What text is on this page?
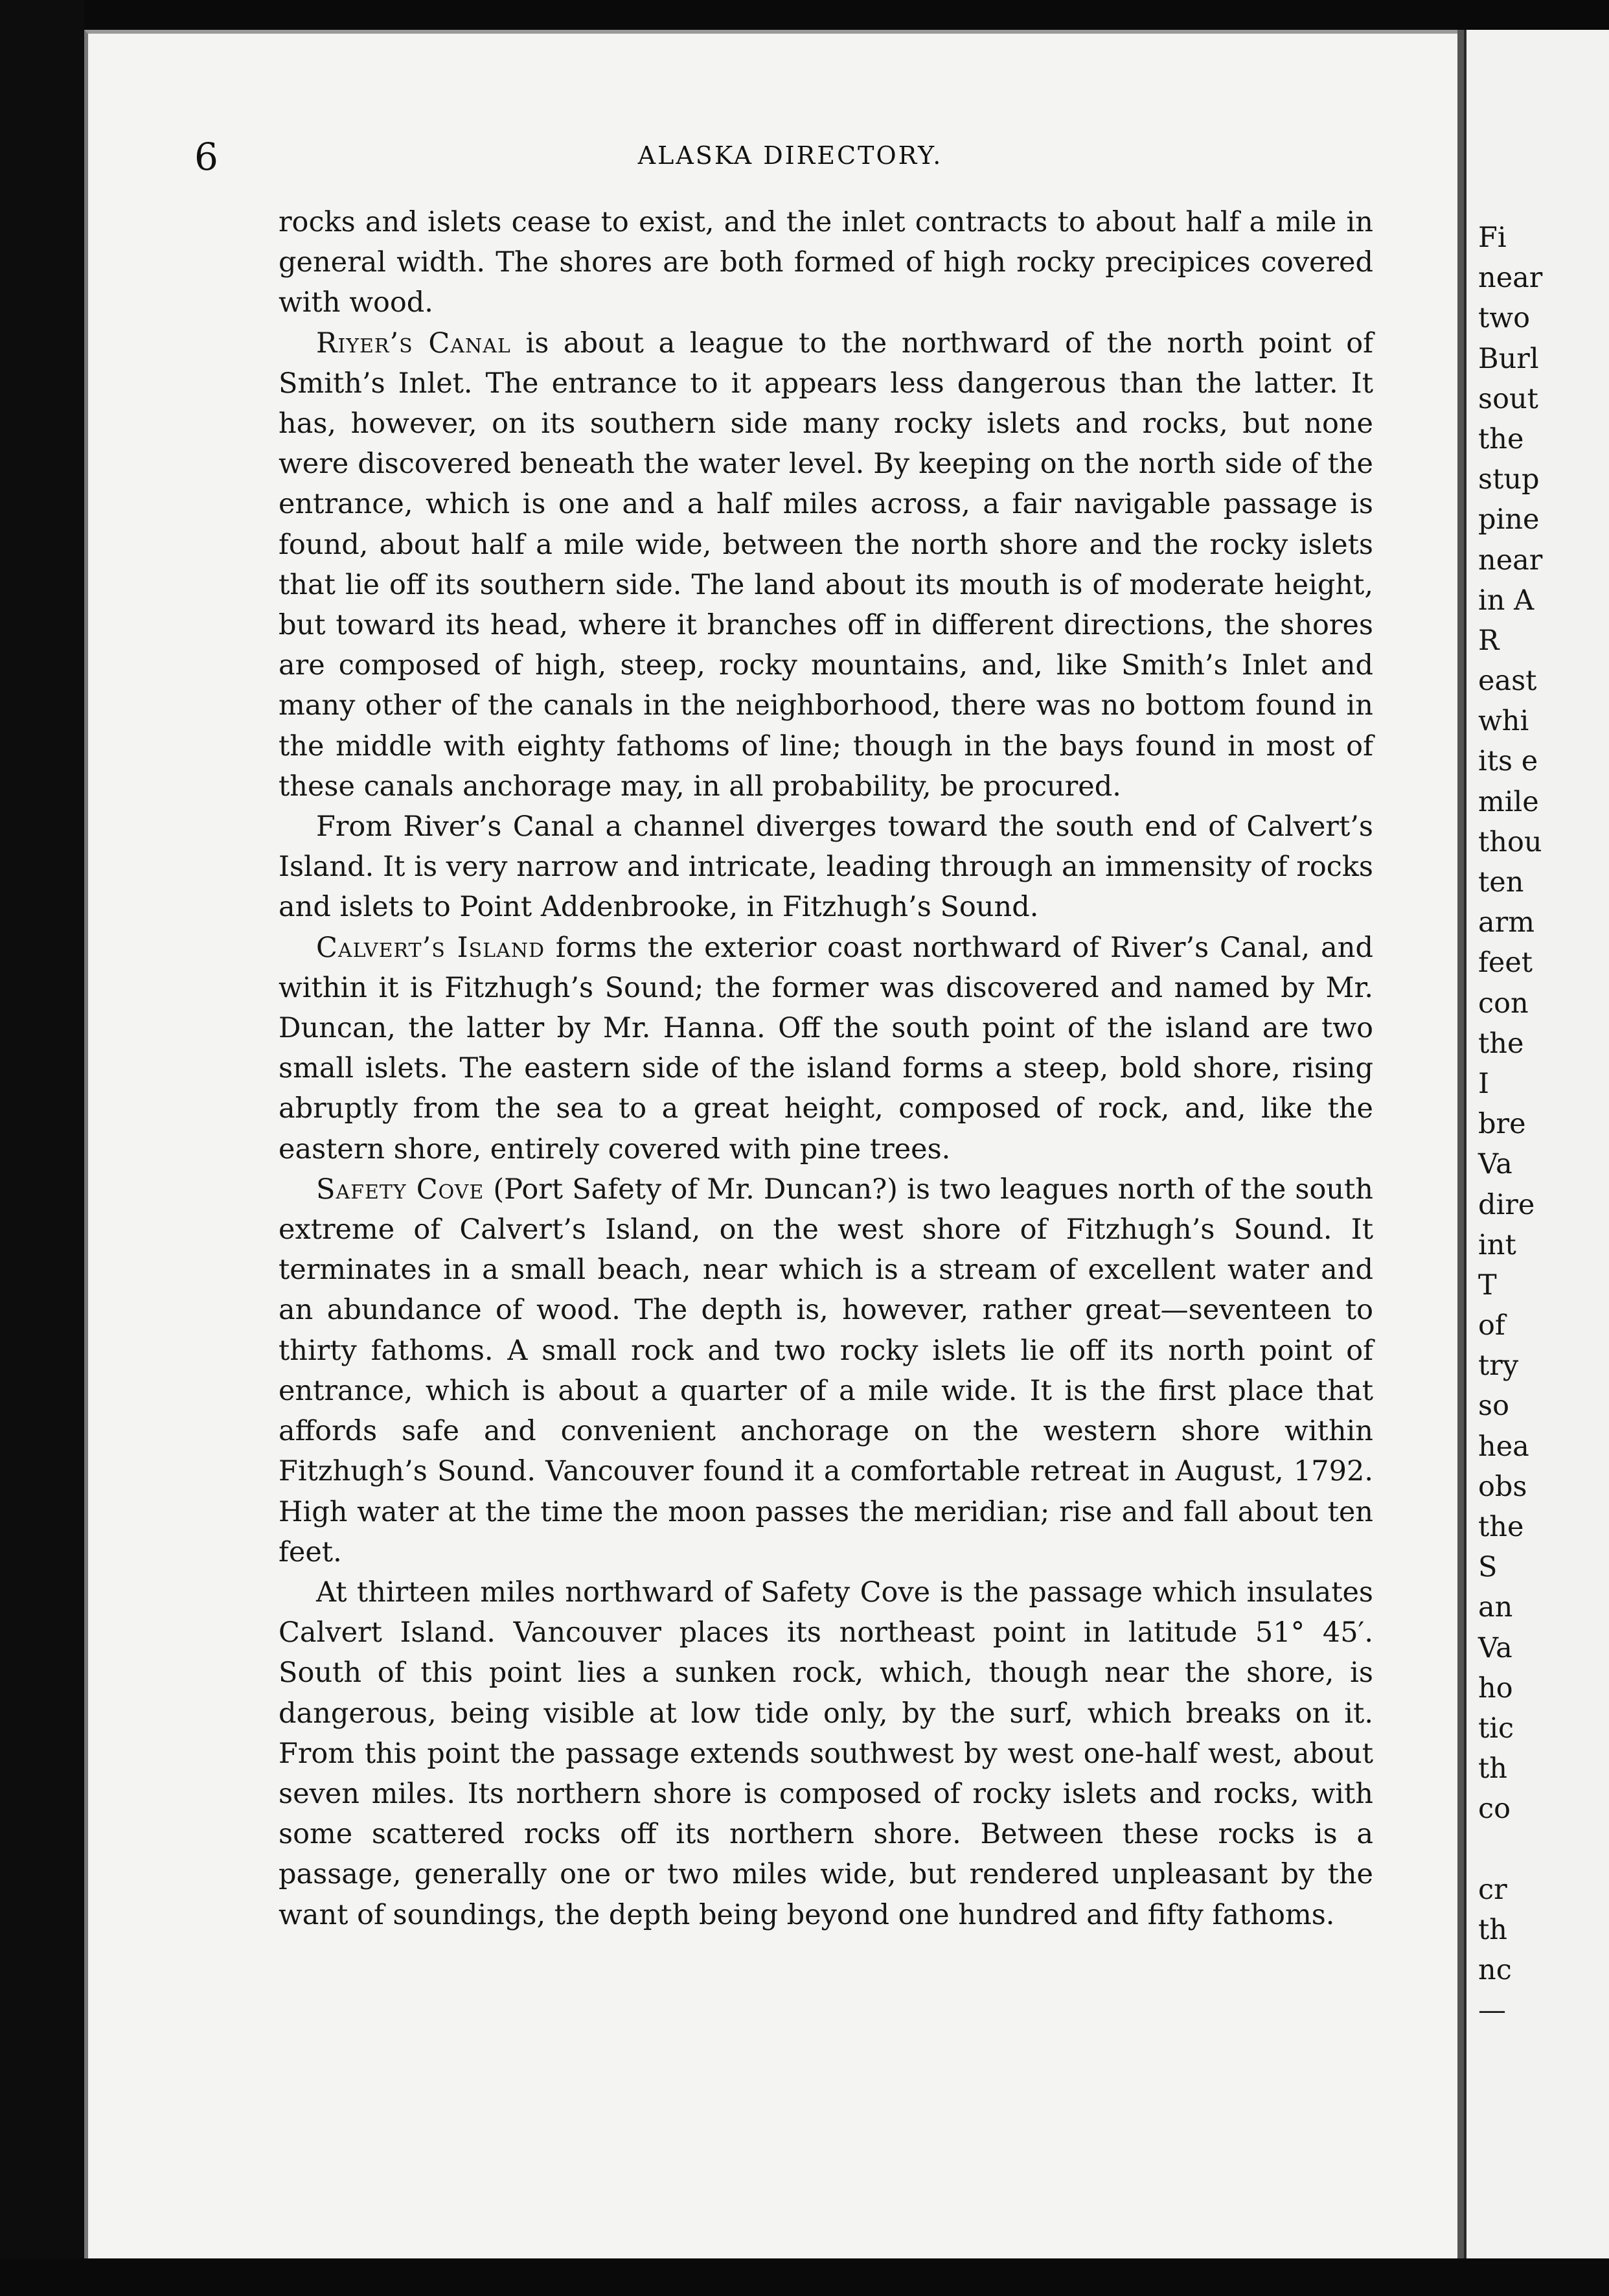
6	ALASKA DIRECTORY.

rocks and islets cease to exist, and the inlet contracts to about half a mile in general width. The shores are both formed of high rocky precipices covered with wood.

Riyer’s Canal is about a league to the northward of the north point of Smith’s Inlet. The entrance to it appears less dangerous than the latter. It has, however, on its southern side many rocky islets and rocks, but none were discovered beneath the water level. By keeping on the north side of the entrance, which is one and a half miles across, a fair navigable passage is found, about half a mile wide, between the north shore and the rocky islets that lie off its southern side. The land about its mouth is of moderate height, but toward its head, where it branches off in different directions, the shores are composed of high, steep, rocky mountains, and, like Smith’s Inlet and many other of the canals in the neighborhood, there was no bottom found in the middle with eighty fathoms of line; though in the bays found in most of these canals anchorage may, in all probability, be procured.

From River’s Canal a channel diverges toward the south end of Calvert’s Island. It is very narrow and intricate, leading through an immensity of rocks and islets to Point Addenbrooke, in Fitzhugh’s Sound.

Calvert’s Island forms the exterior coast northward of River’s Canal, and within it is Fitzhugh’s Sound; the former was discovered and named by Mr. Duncan, the latter by Mr. Hanna. Off the south point of the island are two small islets. The eastern side of the island forms a steep, bold shore, rising abruptly from the sea to a great height, composed of rock, and, like the eastern shore, entirely covered with pine trees.

Safety Cove (Port Safety of Mr. Duncan?) is two leagues north of the south extreme of Calvert’s Island, on the west shore of Fitzhugh’s Sound. It terminates in a small beach, near which is a stream of excellent water and an abundance of wood. The depth is, however, rather great—seventeen to thirty fathoms. A small rock and two rocky islets lie off its north point of entrance, which is about a quarter of a mile wide. It is the first place that affords safe and convenient anchorage on the western shore within Fitzhugh’s Sound. Vancouver found it a comfortable retreat in August, 1792. High water at the time the moon passes the meridian; rise and fall about ten feet.

At thirteen miles northward of Safety Cove is the passage which insulates Calvert Island. Vancouver places its northeast point in latitude 51° 45′. South of this point lies a sunken rock, which, though near the shore, is dangerous, being visible at low tide only, by the surf, which breaks on it. From this point the passage extends southwest by west one-half west, about seven miles. Its northern shore is composed of rocky islets and rocks, with some scattered rocks off its northern shore. Between these rocks is a passage, generally one or two miles wide, but rendered unpleasant by the want of soundings, the depth being beyond one hundred and fifty fathoms.

Fi
near
two
Burl
sout
the
stup
pine
near
in A
R
east
whi
its e
mile
thou
ten
arm
feet
con
the
I
bre
Va
dire
int
T
of
try
so
hea
obs
the
S
an
Va
ho
tic
th
co
cr
th
nc
—
